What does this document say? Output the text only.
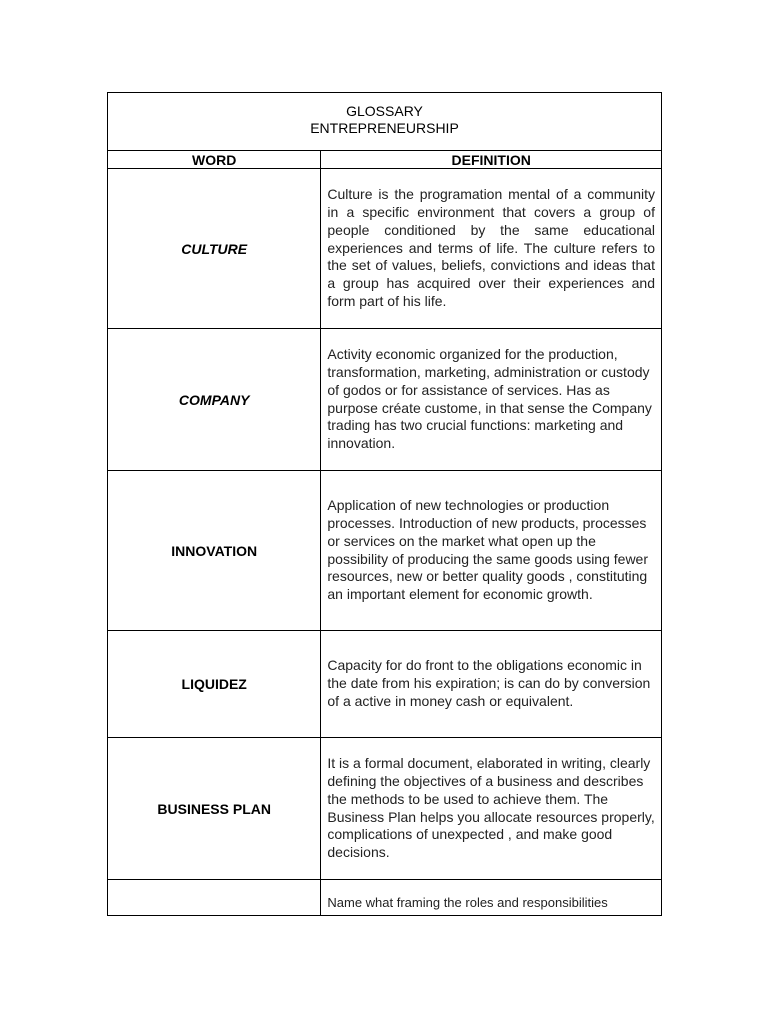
GLOSSARY
ENTREPRENEURSHIP	

WORD	DEFINITION
CULTURE	Culture is the programation mental of a community in a specific environment that covers a group of people conditioned by the same educational experiences and terms of life. The culture refers to the set of values, beliefs, convictions and ideas that a group has acquired over their experiences and form part of his life.
COMPANY	Activity economic organized for the production, transformation, marketing, administration or custody of godos or for assistance of services. Has as purpose créate custome, in that sense the Company trading has two crucial functions: marketing and innovation.
INNOVATION	Application of new technologies or production processes. Introduction of new products, processes or services on the market what open up the possibility of producing the same goods using fewer resources, new or better quality goods , constituting an important element for economic growth.
LIQUIDEZ	Capacity for do front to the obligations economic in the date from his expiration; is can do by conversion of a active in money cash or equivalent.
BUSINESS PLAN	It is a formal document, elaborated in writing, clearly defining the objectives of a business and describes the methods to be used to achieve them. The Business Plan helps you allocate resources properly, complications of unexpected , and make good decisions.
	Name what framing the roles and responsibilities
